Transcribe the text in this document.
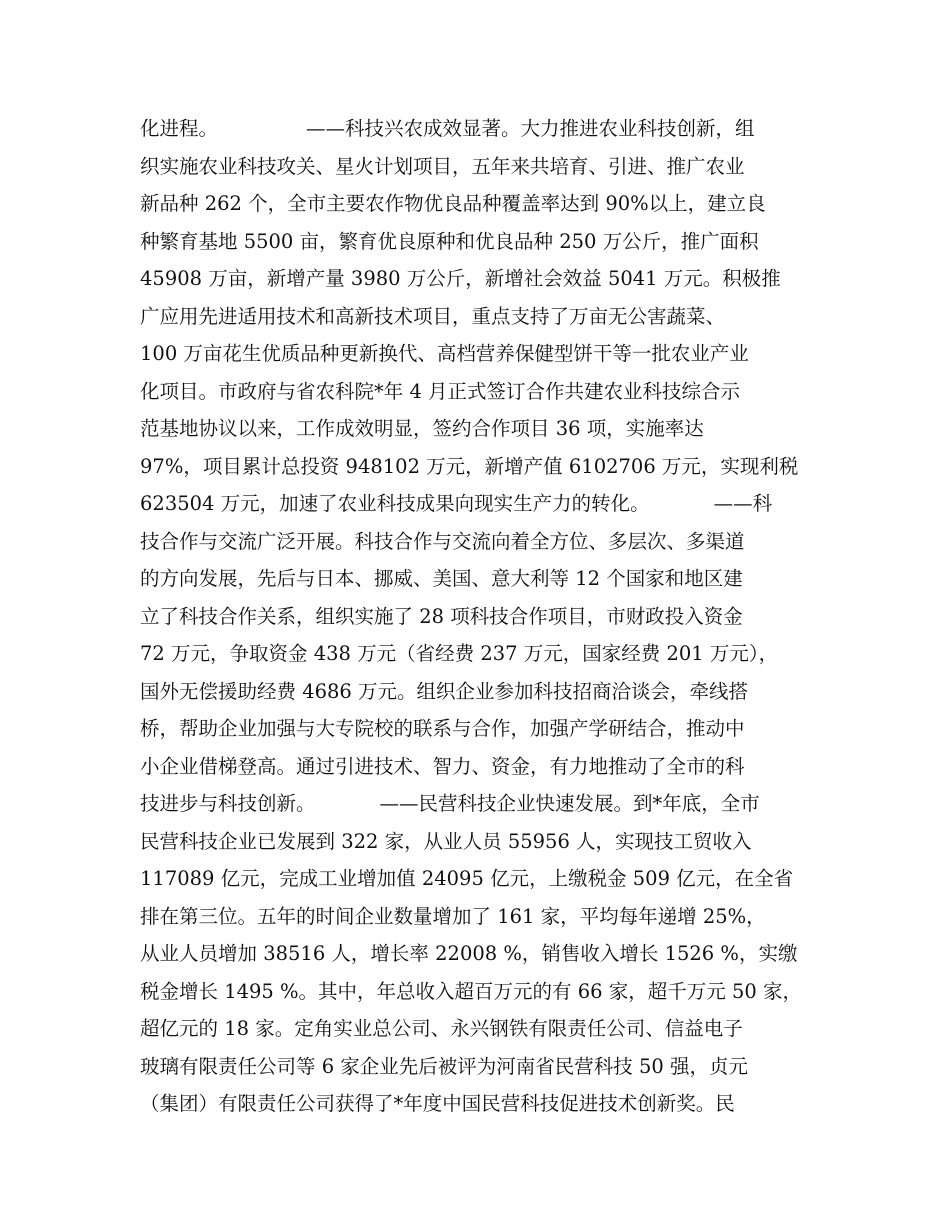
化进程。	——科技兴农成效显著。大力推进农业科技创新，组
织实施农业科技攻关、星火计划项目，五年来共培育、引进、推广农业
新品种 262 个，全市主要农作物优良品种覆盖率达到 90%以上，建立良
种繁育基地 5500 亩，繁育优良原种和优良品种 250 万公斤，推广面积
45908 万亩，新增产量 3980 万公斤，新增社会效益 5041 万元。积极推
广应用先进适用技术和高新技术项目，重点支持了万亩无公害蔬菜、
100 万亩花生优质品种更新换代、高档营养保健型饼干等一批农业产业
化项目。市政府与省农科院*年 4 月正式签订合作共建农业科技综合示
范基地协议以来，工作成效明显，签约合作项目 36 项，实施率达
97%，项目累计总投资 948102 万元，新增产值 6102706 万元，实现利税
623504 万元，加速了农业科技成果向现实生产力的转化。	——科
技合作与交流广泛开展。科技合作与交流向着全方位、多层次、多渠道
的方向发展，先后与日本、挪威、美国、意大利等 12 个国家和地区建
立了科技合作关系，组织实施了 28 项科技合作项目，市财政投入资金
72 万元，争取资金 438 万元（省经费 237 万元，国家经费 201 万元），
国外无偿援助经费 4686 万元。组织企业参加科技招商洽谈会，牵线搭
桥，帮助企业加强与大专院校的联系与合作，加强产学研结合，推动中
小企业借梯登高。通过引进技术、智力、资金，有力地推动了全市的科
技进步与科技创新。	——民营科技企业快速发展。到*年底，全市
民营科技企业已发展到 322 家，从业人员 55956 人，实现技工贸收入
117089 亿元，完成工业增加值 24095 亿元，上缴税金 509 亿元，在全省
排在第三位。五年的时间企业数量增加了 161 家，平均每年递增 25%，
从业人员增加 38516 人，增长率 22008 %，销售收入增长 1526 %，实缴
税金增长 1495 %。其中，年总收入超百万元的有 66 家，超千万元 50 家，
超亿元的 18 家。定角实业总公司、永兴钢铁有限责任公司、信益电子
玻璃有限责任公司等 6 家企业先后被评为河南省民营科技 50 强，贞元
（集团）有限责任公司获得了*年度中国民营科技促进技术创新奖。民
